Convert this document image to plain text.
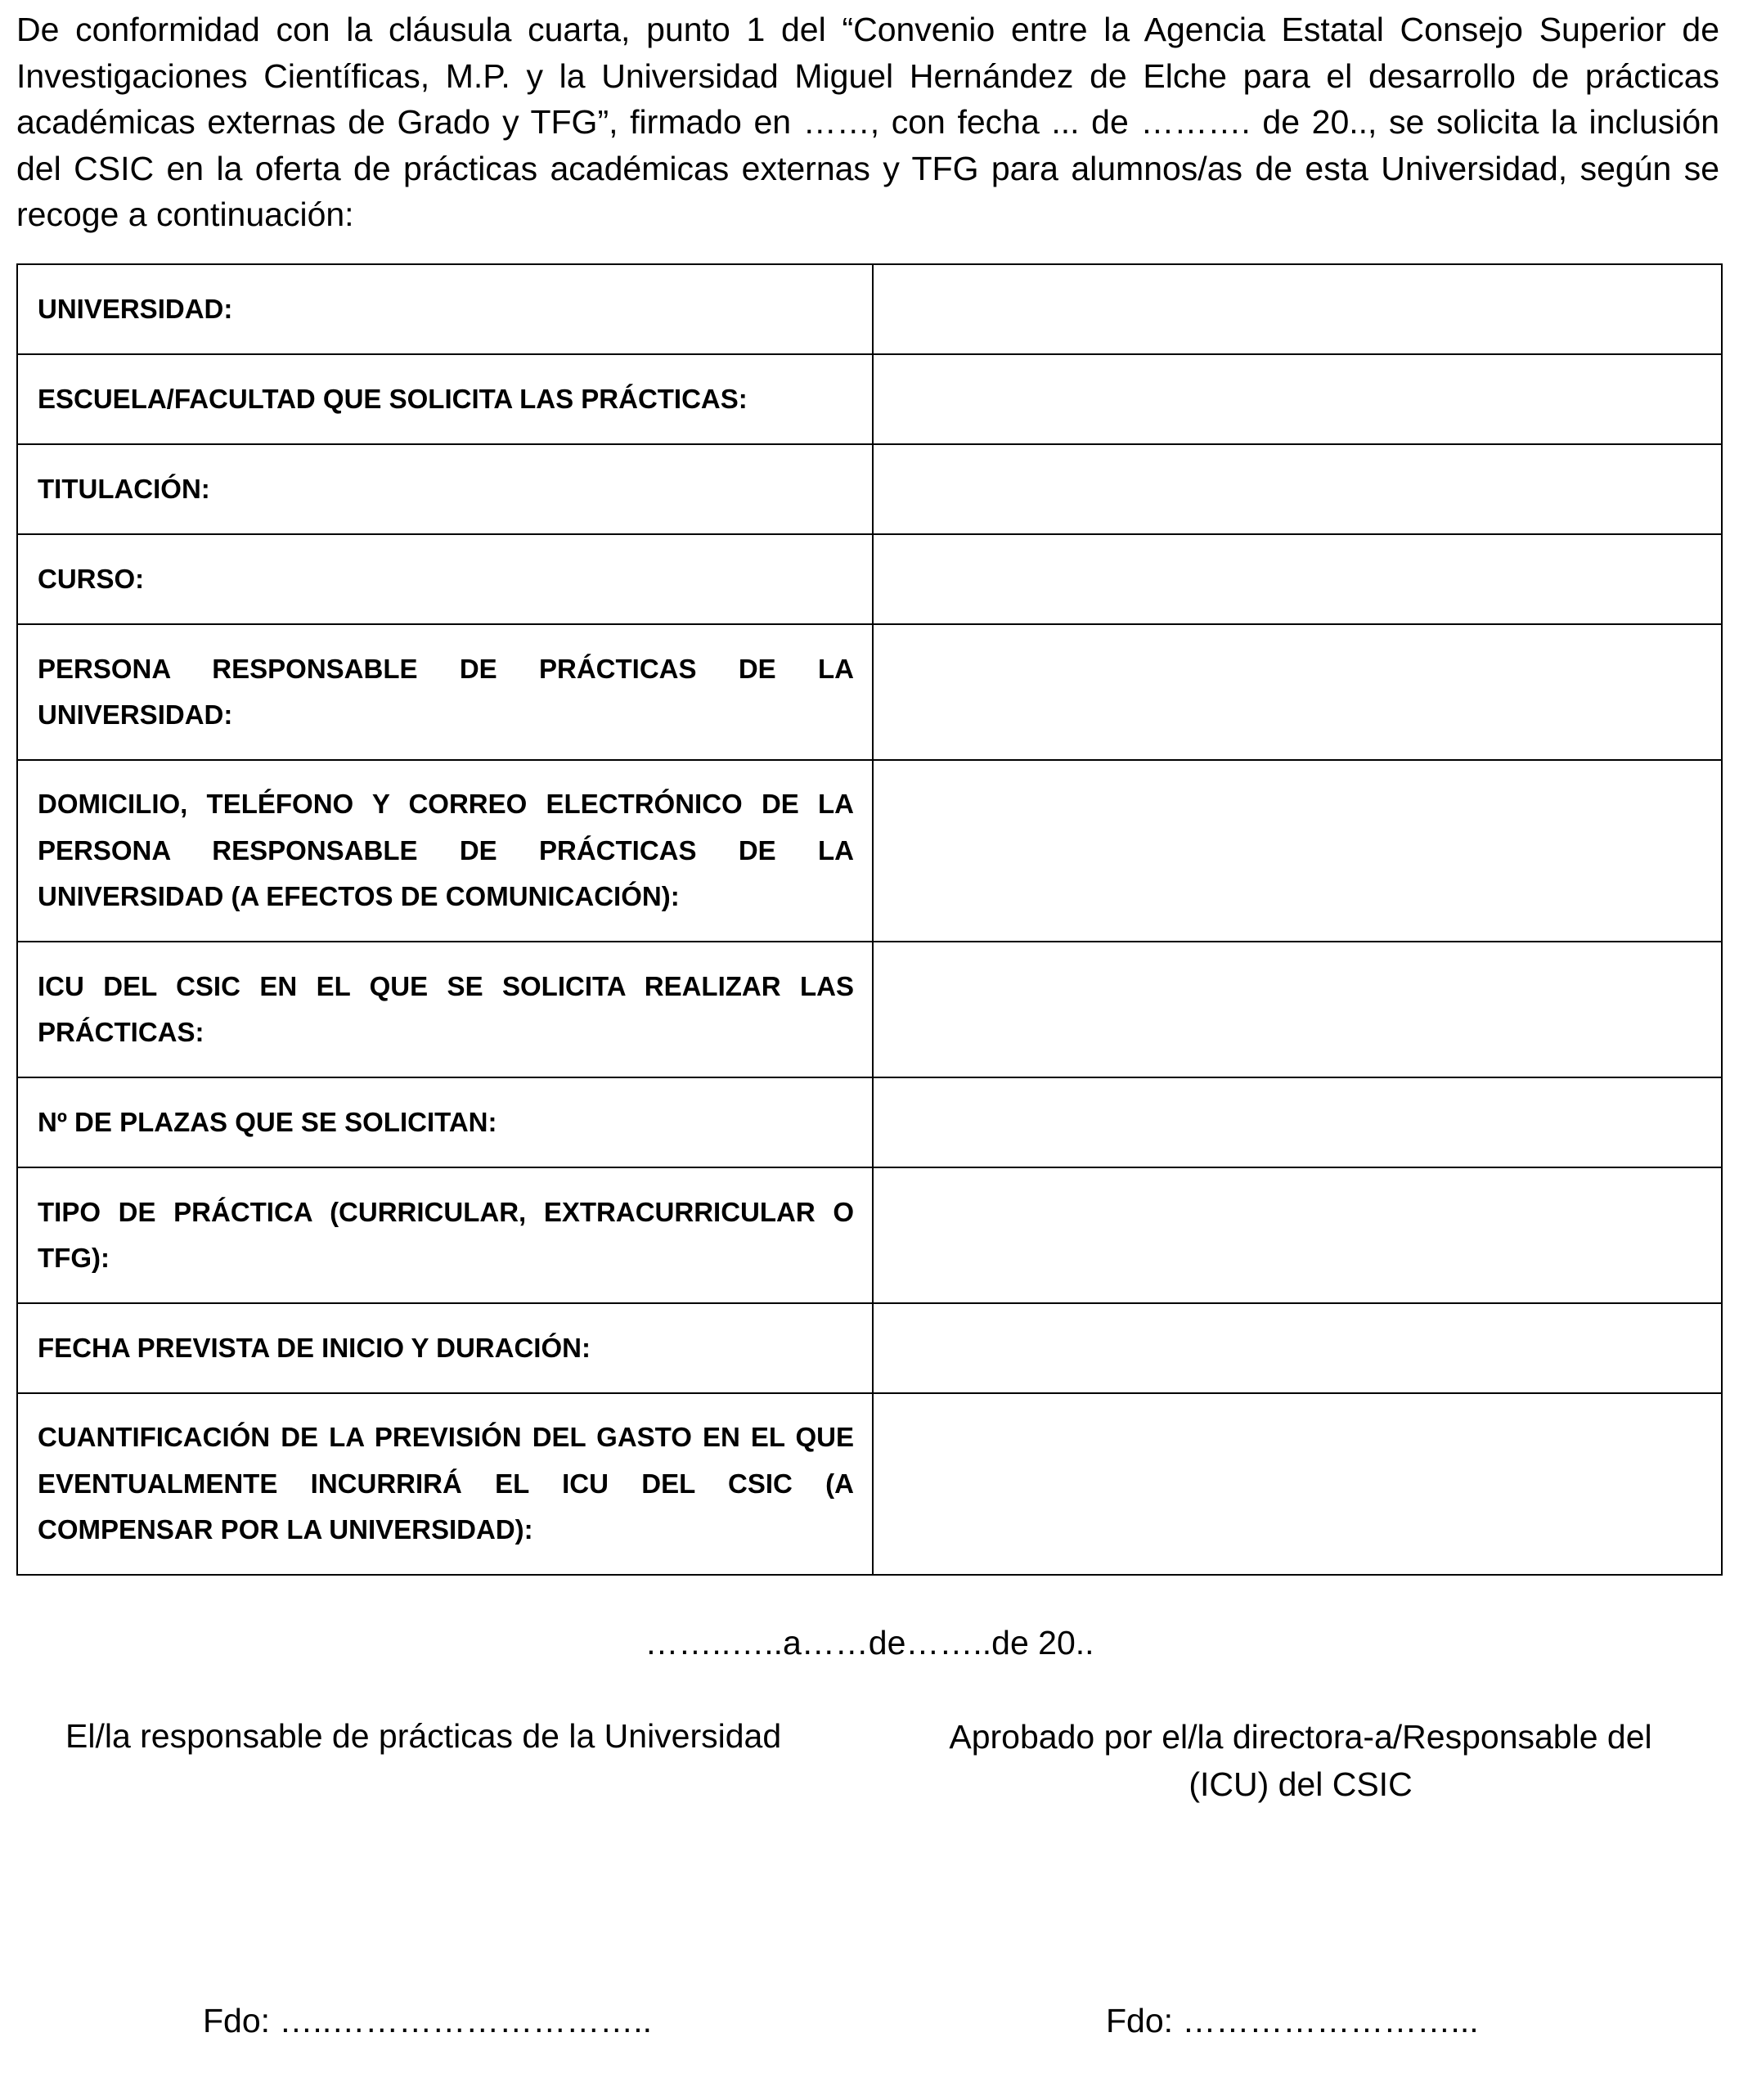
De conformidad con la cláusula cuarta, punto 1 del “Convenio entre la Agencia Estatal Consejo Superior de Investigaciones Científicas, M.P. y la Universidad Miguel Hernández de Elche para el desarrollo de prácticas académicas externas de Grado y TFG”, firmado en ……, con fecha ... de ………. de 20.., se solicita la inclusión del CSIC en la oferta de prácticas académicas externas y TFG para alumnos/as de esta Universidad, según se recoge a continuación:

UNIVERSIDAD:	
ESCUELA/FACULTAD QUE SOLICITA LAS PRÁCTICAS:	
TITULACIÓN:	
CURSO:	
PERSONA RESPONSABLE DE PRÁCTICAS DE LA UNIVERSIDAD:	
DOMICILIO, TELÉFONO Y CORREO ELECTRÓNICO DE LA PERSONA RESPONSABLE DE PRÁCTICAS DE LA UNIVERSIDAD (A EFECTOS DE COMUNICACIÓN):	
ICU DEL CSIC EN EL QUE SE SOLICITA REALIZAR LAS PRÁCTICAS:	
Nº DE PLAZAS QUE SE SOLICITAN:	
TIPO DE PRÁCTICA (CURRICULAR, EXTRACURRICULAR O TFG):	
FECHA PREVISTA DE INICIO Y DURACIÓN:	
CUANTIFICACIÓN DE LA PREVISIÓN DEL GASTO EN EL QUE EVENTUALMENTE INCURRIRÁ EL ICU DEL CSIC (A COMPENSAR POR LA UNIVERSIDAD):	
……..…..a……de……..de 20..
El/la responsable de prácticas de la Universidad	Aprobado por el/la directora-a/Responsable del (ICU) del CSIC
Fdo: …..………………………..	Fdo: ……………………...
